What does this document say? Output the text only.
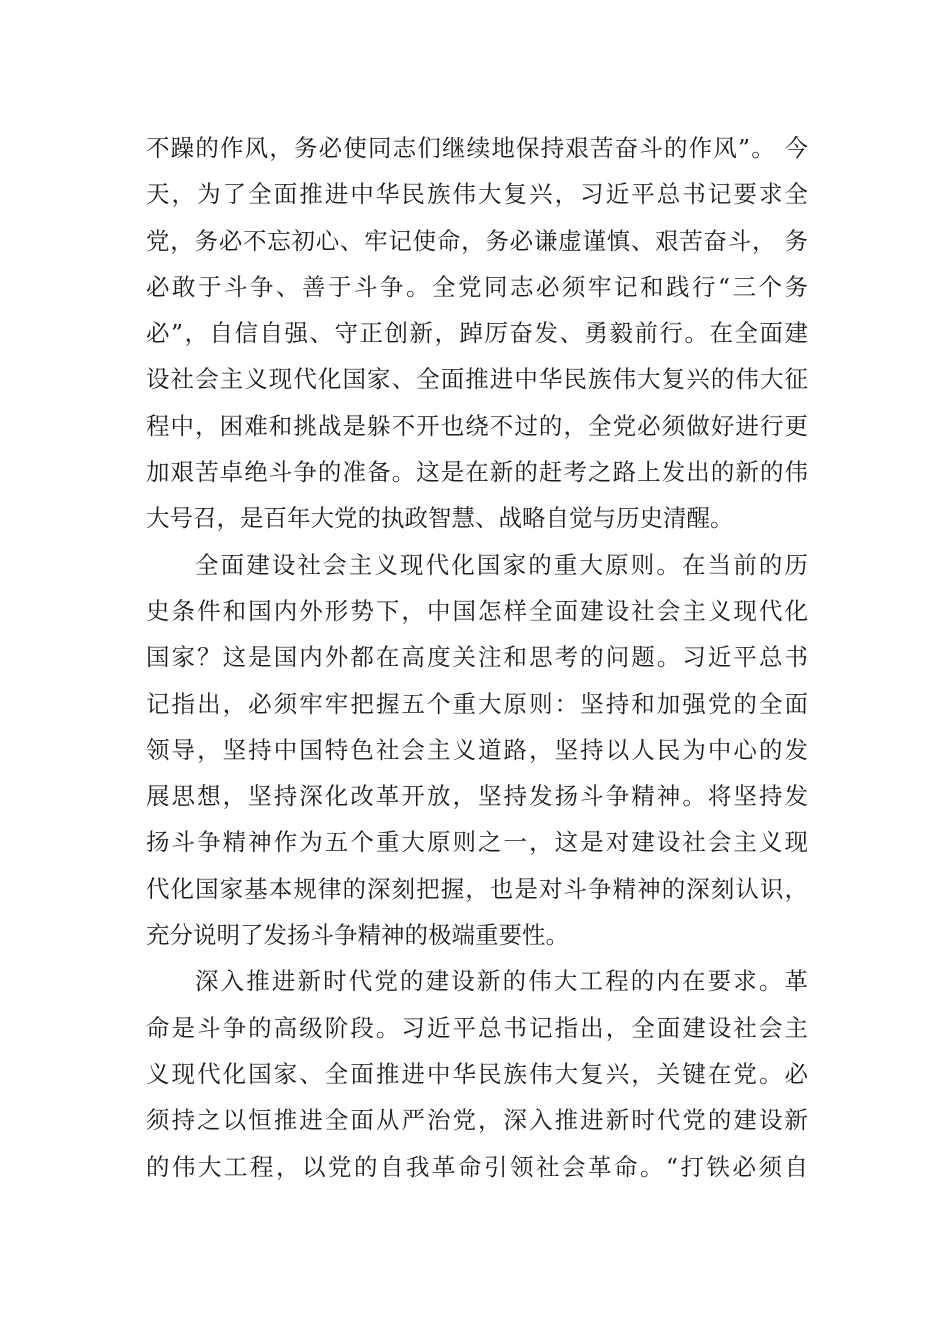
不躁的作风，务必使同志们继续地保持艰苦奋斗的作风”。 今
天，为了全面推进中华民族伟大复兴，习近平总书记要求全
党，务必不忘初心、牢记使命，务必谦虚谨慎、艰苦奋斗， 务
必敢于斗争、善于斗争。全党同志必须牢记和践行“三个务
必”，自信自强、守正创新，踔厉奋发、勇毅前行。在全面建
设社会主义现代化国家、全面推进中华民族伟大复兴的伟大征
程中，困难和挑战是躲不开也绕不过的，全党必须做好进行更
加艰苦卓绝斗争的准备。这是在新的赶考之路上发出的新的伟
大号召，是百年大党的执政智慧、战略自觉与历史清醒。
全面建设社会主义现代化国家的重大原则。在当前的历
史条件和国内外形势下，中国怎样全面建设社会主义现代化
国家？这是国内外都在高度关注和思考的问题。习近平总书
记指出，必须牢牢把握五个重大原则：坚持和加强党的全面
领导，坚持中国特色社会主义道路，坚持以人民为中心的发
展思想，坚持深化改革开放，坚持发扬斗争精神。将坚持发
扬斗争精神作为五个重大原则之一，这是对建设社会主义现
代化国家基本规律的深刻把握，也是对斗争精神的深刻认识，
充分说明了发扬斗争精神的极端重要性。
深入推进新时代党的建设新的伟大工程的内在要求。革
命是斗争的高级阶段。习近平总书记指出，全面建设社会主
义现代化国家、全面推进中华民族伟大复兴，关键在党。必
须持之以恒推进全面从严治党，深入推进新时代党的建设新
的伟大工程，以党的自我革命引领社会革命。“打铁必须自
